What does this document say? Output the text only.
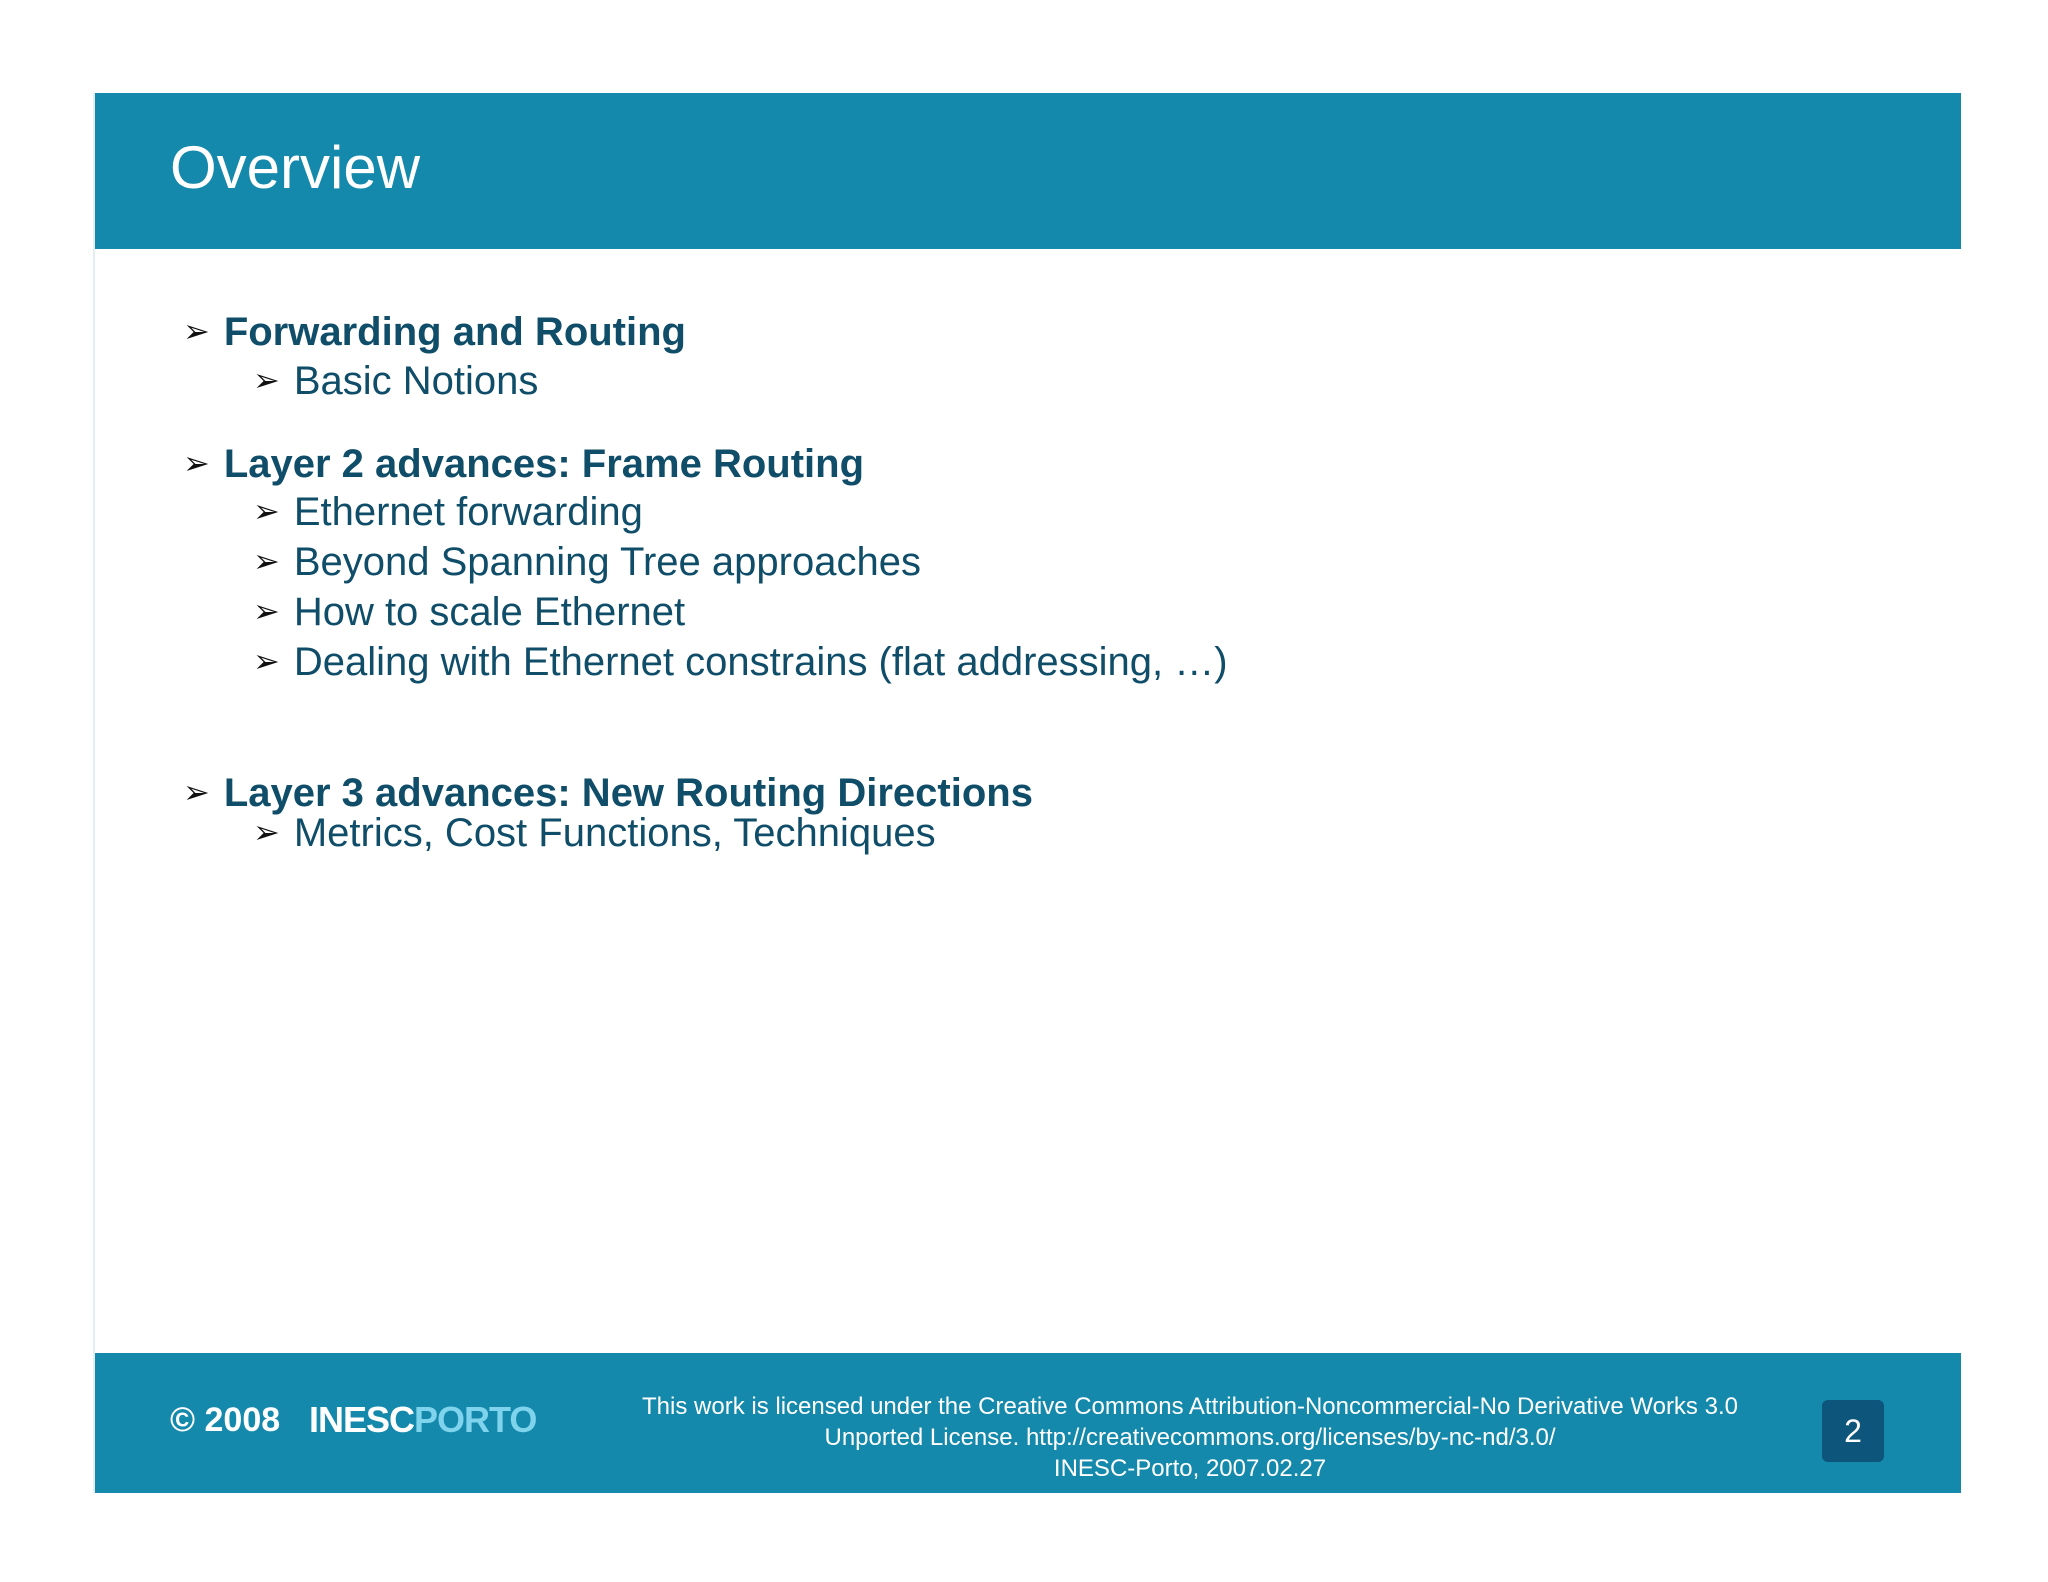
Overview
➢ Forwarding and Routing
➢ Basic Notions
➢ Layer 2 advances: Frame Routing
➢ Ethernet forwarding
➢ Beyond Spanning Tree approaches
➢ How to scale Ethernet
➢ Dealing with Ethernet constrains (flat addressing, …)
➢ Layer 3 advances: New Routing Directions
➢ Metrics, Cost Functions, Techniques
© 2008 INESCPORTO	This work is licensed under the Creative Commons Attribution-Noncommercial-No Derivative Works 3.0
Unported License. http://creativecommons.org/licenses/by-nc-nd/3.0/
INESC-Porto, 2007.02.27
2
